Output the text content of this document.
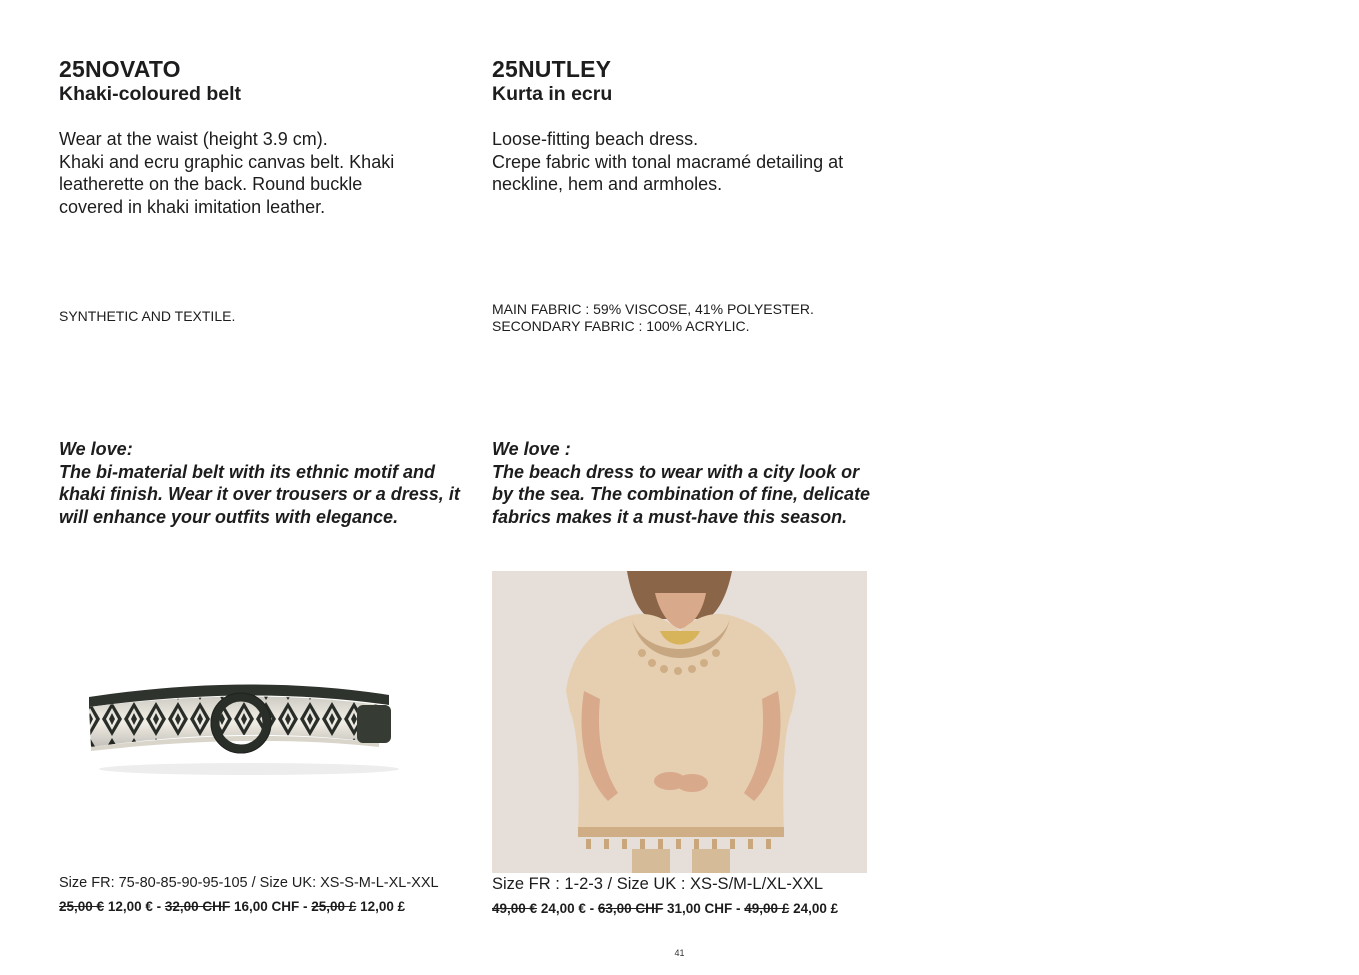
25NOVATO
Khaki-coloured belt
Wear at the waist (height 3.9 cm).
Khaki and ecru graphic canvas belt. Khaki
leatherette on the back. Round buckle
covered in khaki imitation leather.
SYNTHETIC AND TEXTILE.
We love:
The bi-material belt with its ethnic motif and
khaki finish. Wear it over trousers or a dress, it
will enhance your outfits with elegance.
Size FR: 75-80-85-90-95-105 / Size UK: XS-S-M-L-XL-XXL
25,00 € 12,00 € - 32,00 CHF 16,00 CHF - 25,00 £ 12,00 £
25NUTLEY
Kurta in ecru
Loose-fitting beach dress.
Crepe fabric with tonal macramé detailing at
neckline, hem and armholes.
MAIN FABRIC : 59% VISCOSE, 41% POLYESTER.
SECONDARY FABRIC : 100% ACRYLIC.
We love :
The beach dress to wear with a city look or
by the sea. The combination of fine, delicate
fabrics makes it a must-have this season.
Size FR : 1-2-3 / Size UK : XS-S/M-L/XL-XXL
49,00 € 24,00 € - 63,00 CHF 31,00 CHF - 49,00 £ 24,00 £
41
